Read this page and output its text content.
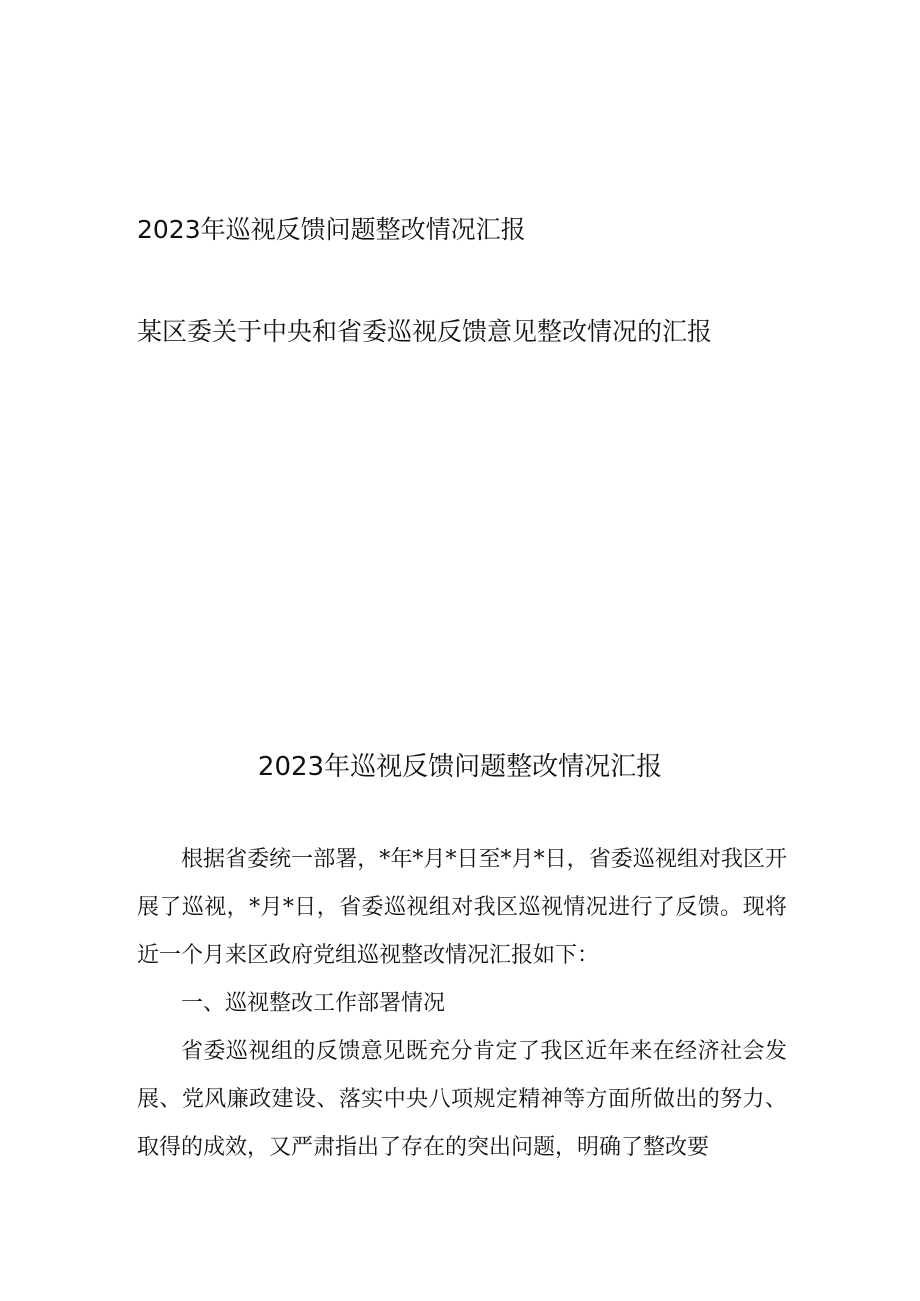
2023年巡视反馈问题整改情况汇报
某区委关于中央和省委巡视反馈意见整改情况的汇报
2023年巡视反馈问题整改情况汇报

根据省委统一部署，*年*月*日至*月*日，省委巡视组对我区开展了巡视，*月*日，省委巡视组对我区巡视情况进行了反馈。现将近一个月来区政府党组巡视整改情况汇报如下：

一、巡视整改工作部署情况

省委巡视组的反馈意见既充分肯定了我区近年来在经济社会发展、党风廉政建设、落实中央八项规定精神等方面所做出的努力、取得的成效，又严肃指出了存在的突出问题，明确了整改要
